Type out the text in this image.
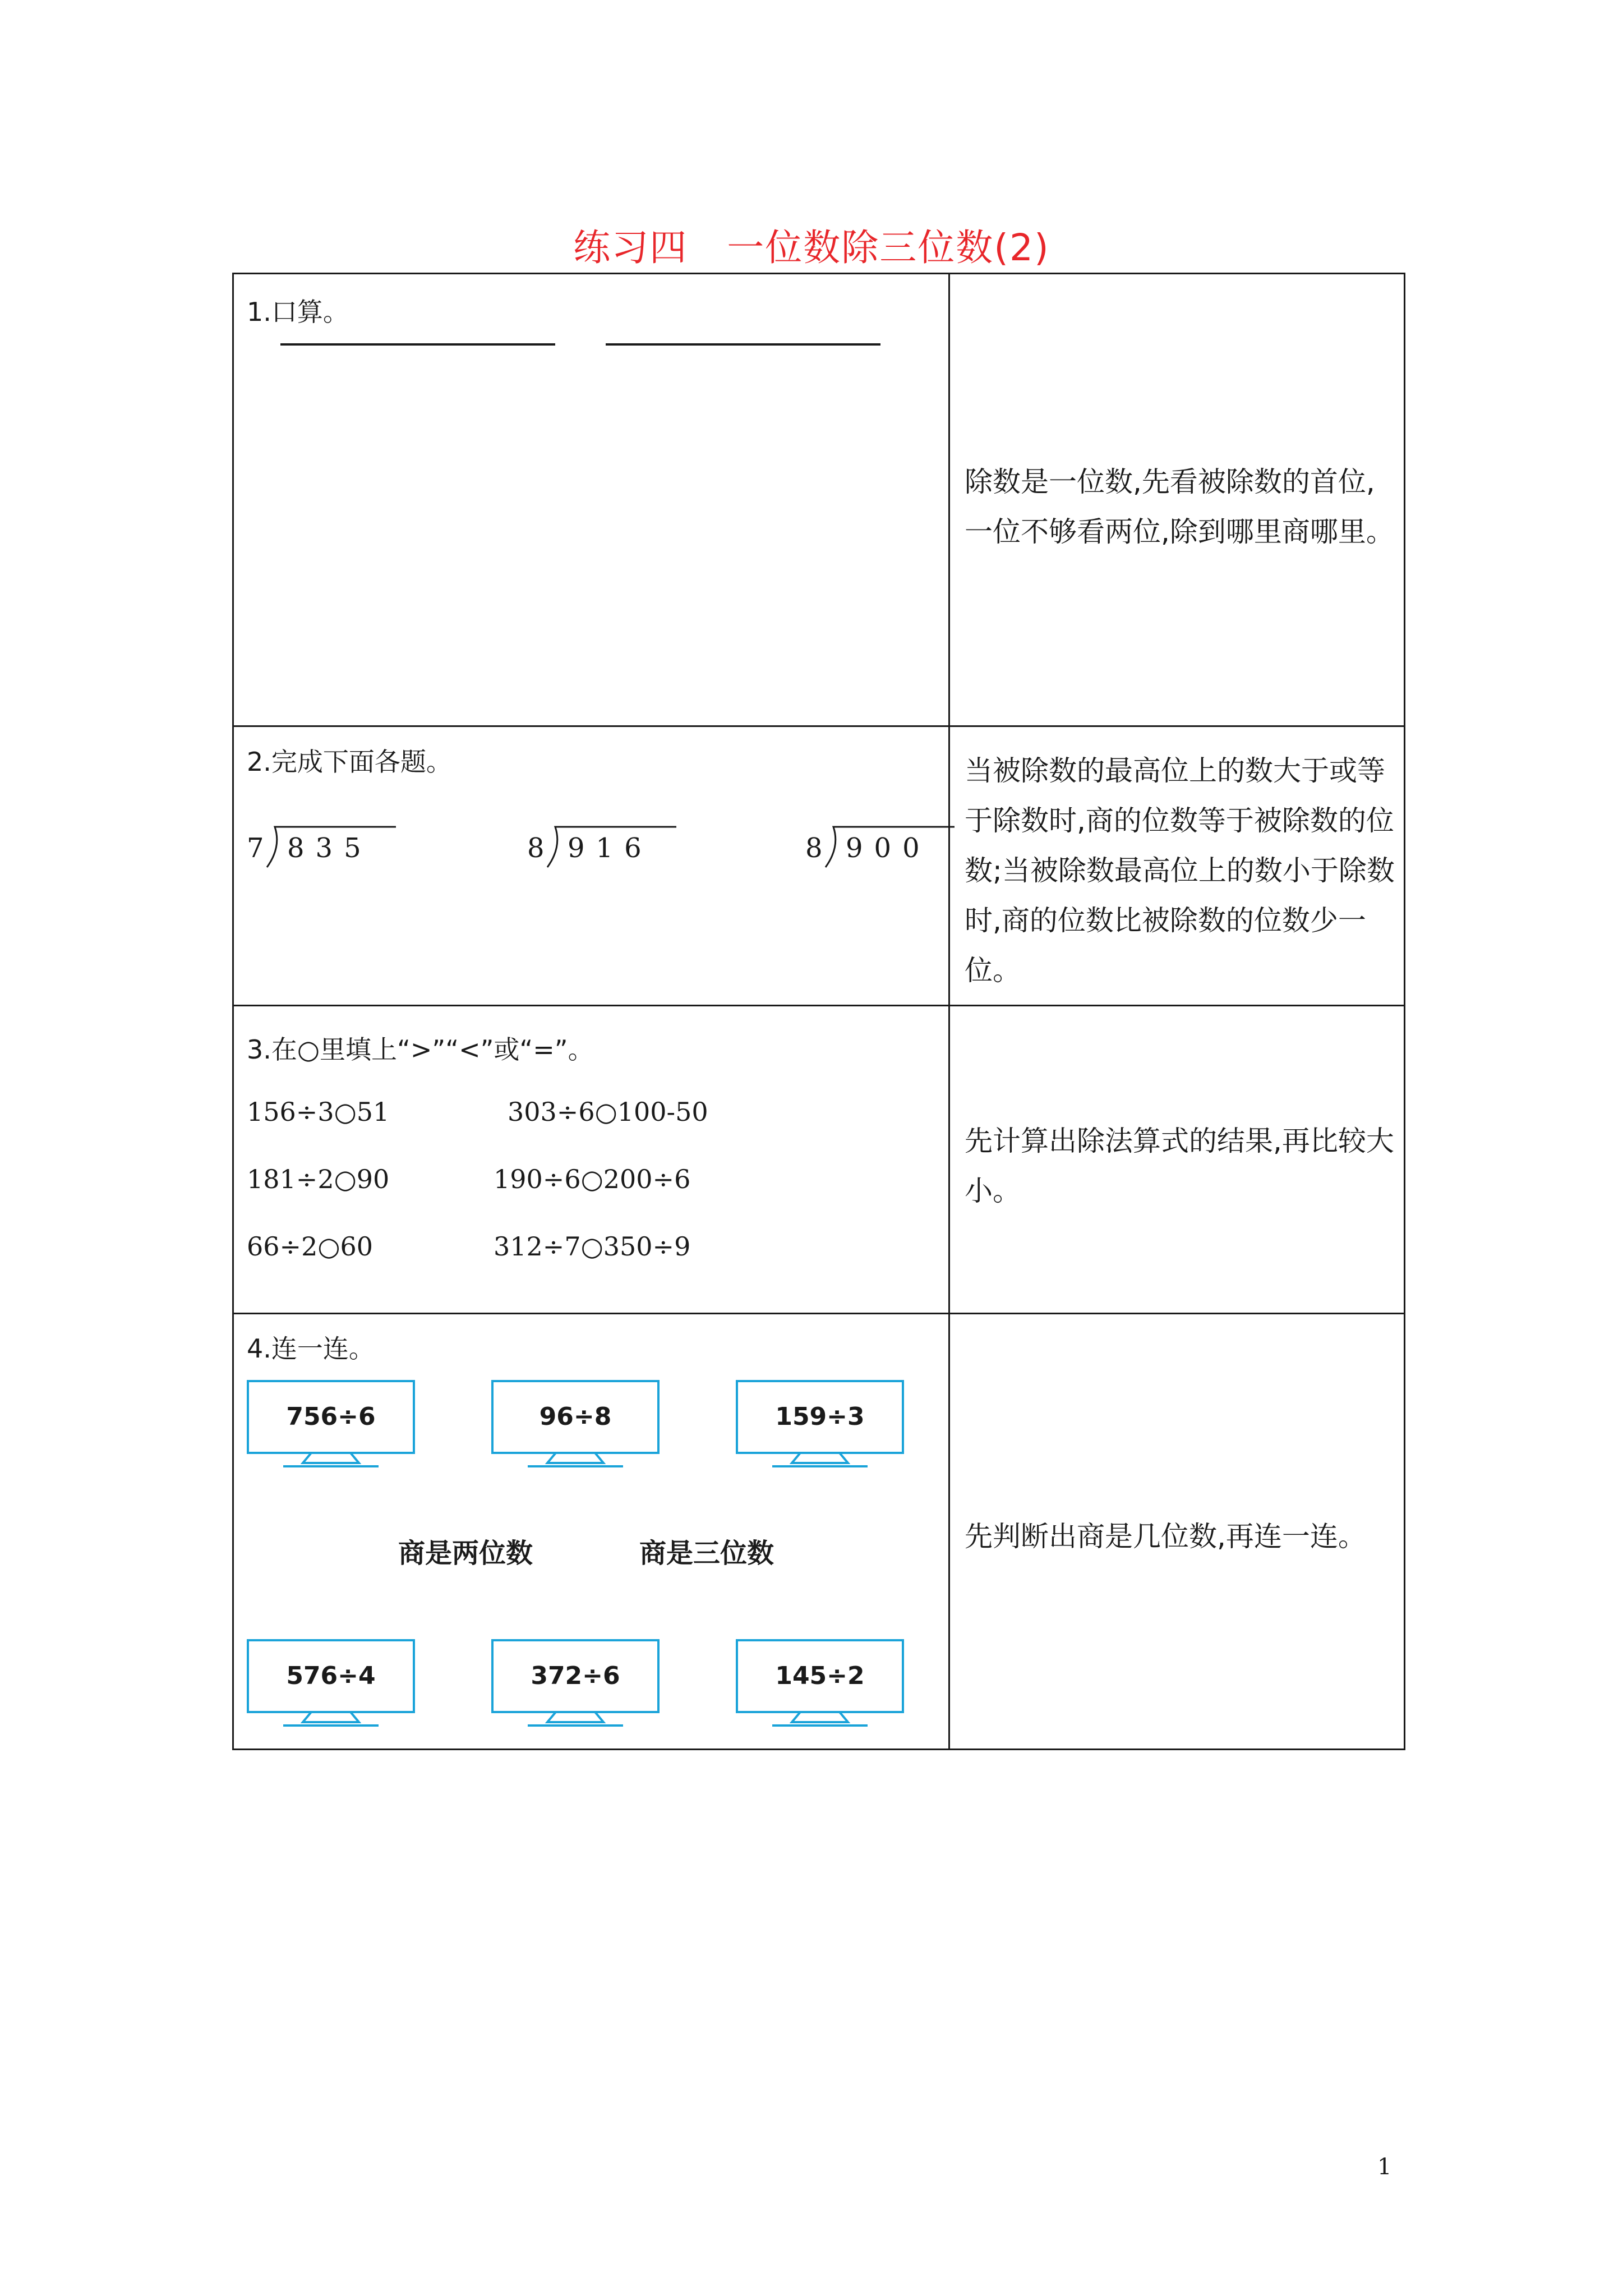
练习四 一位数除三位数(2)
1.口算。
除数是一位数,先看被除数的首位,一位不够看两位,除到哪里商哪里。
2.完成下面各题。
7 835	8 916	8 900
当被除数的最高位上的数大于或等于除数时,商的位数等于被除数的位数;当被除数最高位上的数小于除数时,商的位数比被除数的位数少一位。
3.在○里填上“>”“<”或“=”。
156÷3○51	303÷6○100-50
181÷2○90	190÷6○200÷6
66÷2○60	312÷7○350÷9
先计算出除法算式的结果,再比较大小。
4.连一连。
756÷6	96÷8	159÷3
商是两位数	商是三位数
576÷4	372÷6	145÷2
先判断出商是几位数,再连一连。
1
